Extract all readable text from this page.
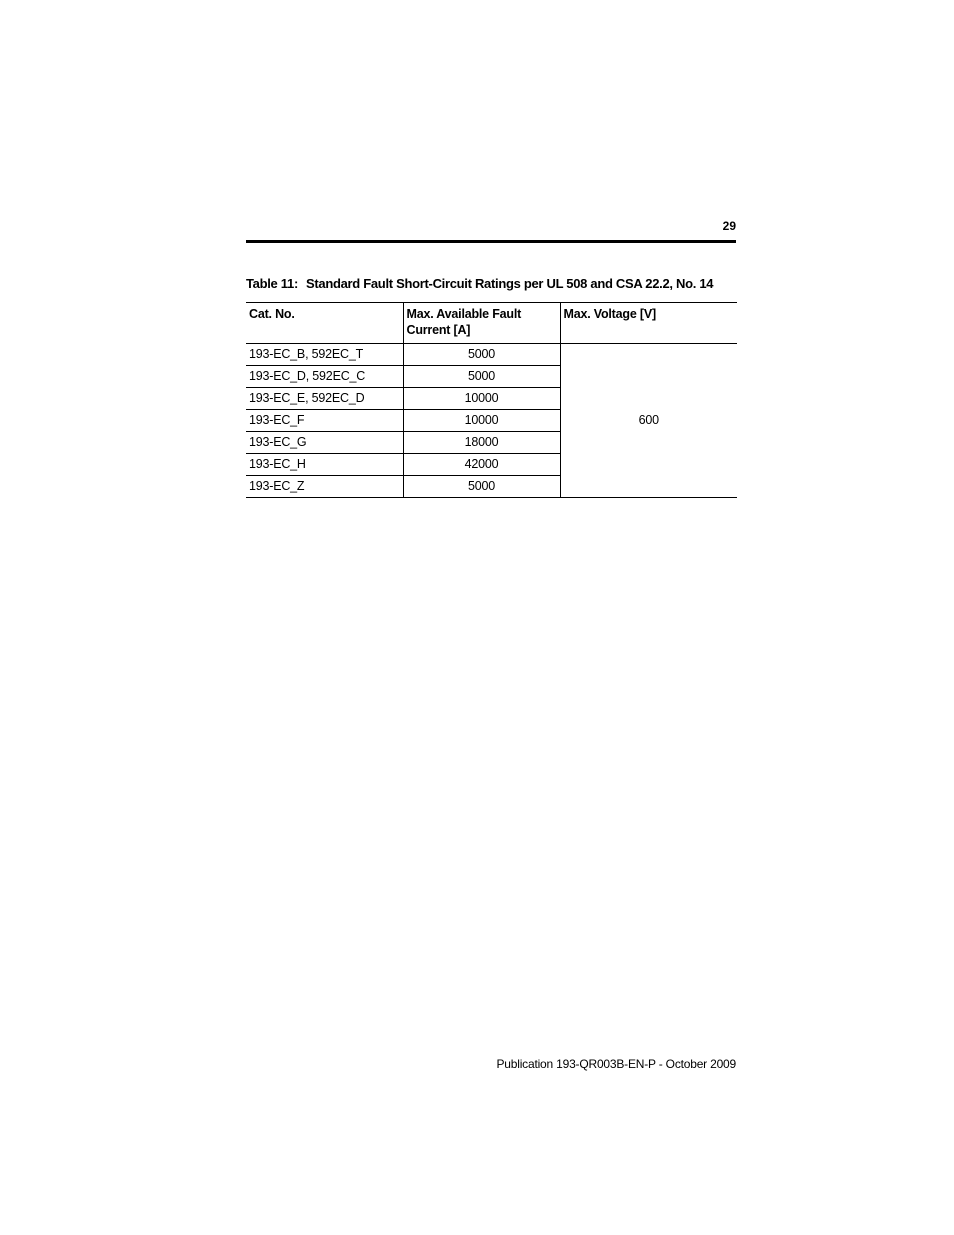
29
Table 11: Standard Fault Short-Circuit Ratings per UL 508 and CSA 22.2, No. 14
Cat. No.	Max. Available Fault Current [A]	Max. Voltage [V]
193-EC_B, 592EC_T	5000	600
193-EC_D, 592EC_C	5000	
193-EC_E, 592EC_D	10000	
193-EC_F	10000	
193-EC_G	18000	
193-EC_H	42000	
193-EC_Z	5000	
Publication 193-QR003B-EN-P - October 2009
